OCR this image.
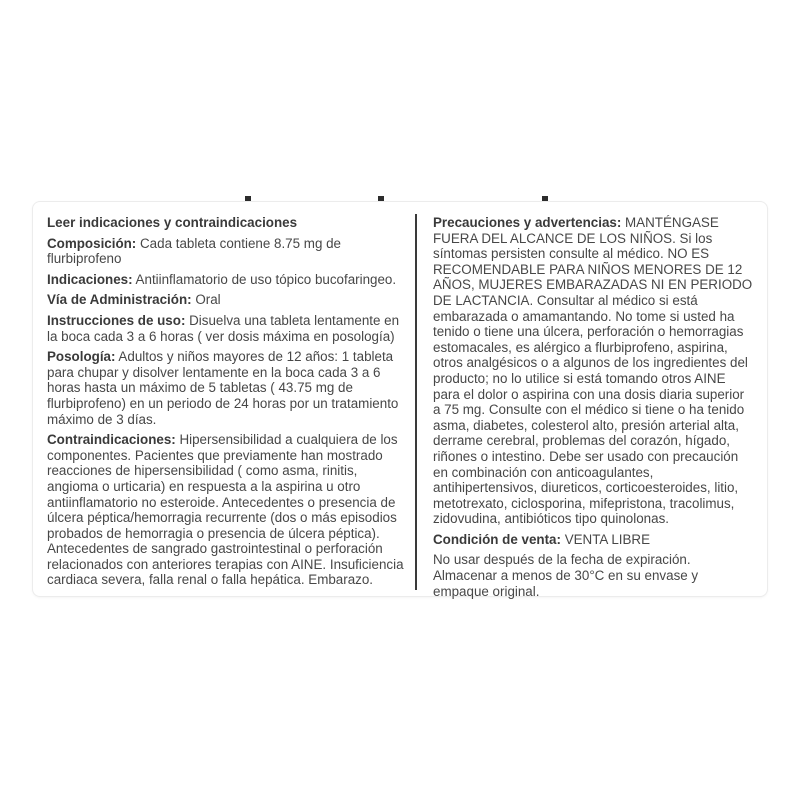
Leer indicaciones y contraindicaciones
Composición: Cada tableta contiene 8.75 mg de flurbiprofeno
Indicaciones: Antiinflamatorio de uso tópico bucofaringeo.
Vía de Administración: Oral
Instrucciones de uso: Disuelva una tableta lentamente en la boca cada 3 a 6 horas ( ver dosis máxima en posología)
Posología: Adultos y niños mayores de 12 años: 1 tableta para chupar y disolver lentamente en la boca cada 3 a 6 horas hasta un máximo de 5 tabletas ( 43.75 mg de flurbiprofeno) en un periodo de 24 horas por un tratamiento máximo de 3 días.
Contraindicaciones: Hipersensibilidad a cualquiera de los componentes. Pacientes que previamente han mostrado reacciones de hipersensibilidad ( como asma, rinitis, angioma o urticaria) en respuesta a la aspirina u otro antiinflamatorio no esteroide. Antecedentes o presencia de úlcera péptica/hemorragia recurrente (dos o más episodios probados de hemorragia o presencia de úlcera péptica). Antecedentes de sangrado gastrointestinal o perforación relacionados con anteriores terapias con AINE. Insuficiencia cardiaca severa, falla renal o falla hepática. Embarazo.
Precauciones y advertencias: MANTÉNGASE FUERA DEL ALCANCE DE LOS NIÑOS. Si los síntomas persisten consulte al médico. NO ES RECOMENDABLE PARA NIÑOS MENORES DE 12 AÑOS, MUJERES EMBARAZADAS NI EN PERIODO DE LACTANCIA. Consultar al médico si está embarazada o amamantando. No tome si usted ha tenido o tiene una úlcera, perforación o hemorragias estomacales, es alérgico a flurbiprofeno, aspirina, otros analgésicos o a algunos de los ingredientes del producto; no lo utilice si está tomando otros AINE para el dolor o aspirina con una dosis diaria superior a 75 mg. Consulte con el médico si tiene o ha tenido asma, diabetes, colesterol alto, presión arterial alta, derrame cerebral, problemas del corazón, hígado, riñones o intestino. Debe ser usado con precaución en combinación con anticoagulantes, antihipertensivos, diureticos, corticoesteroides, litio, metotrexato, ciclosporina, mifepristona, tracolimus, zidovudina, antibióticos tipo quinolonas.
Condición de venta: VENTA LIBRE
No usar después de la fecha de expiración. Almacenar a menos de 30°C en su envase y empaque original.
